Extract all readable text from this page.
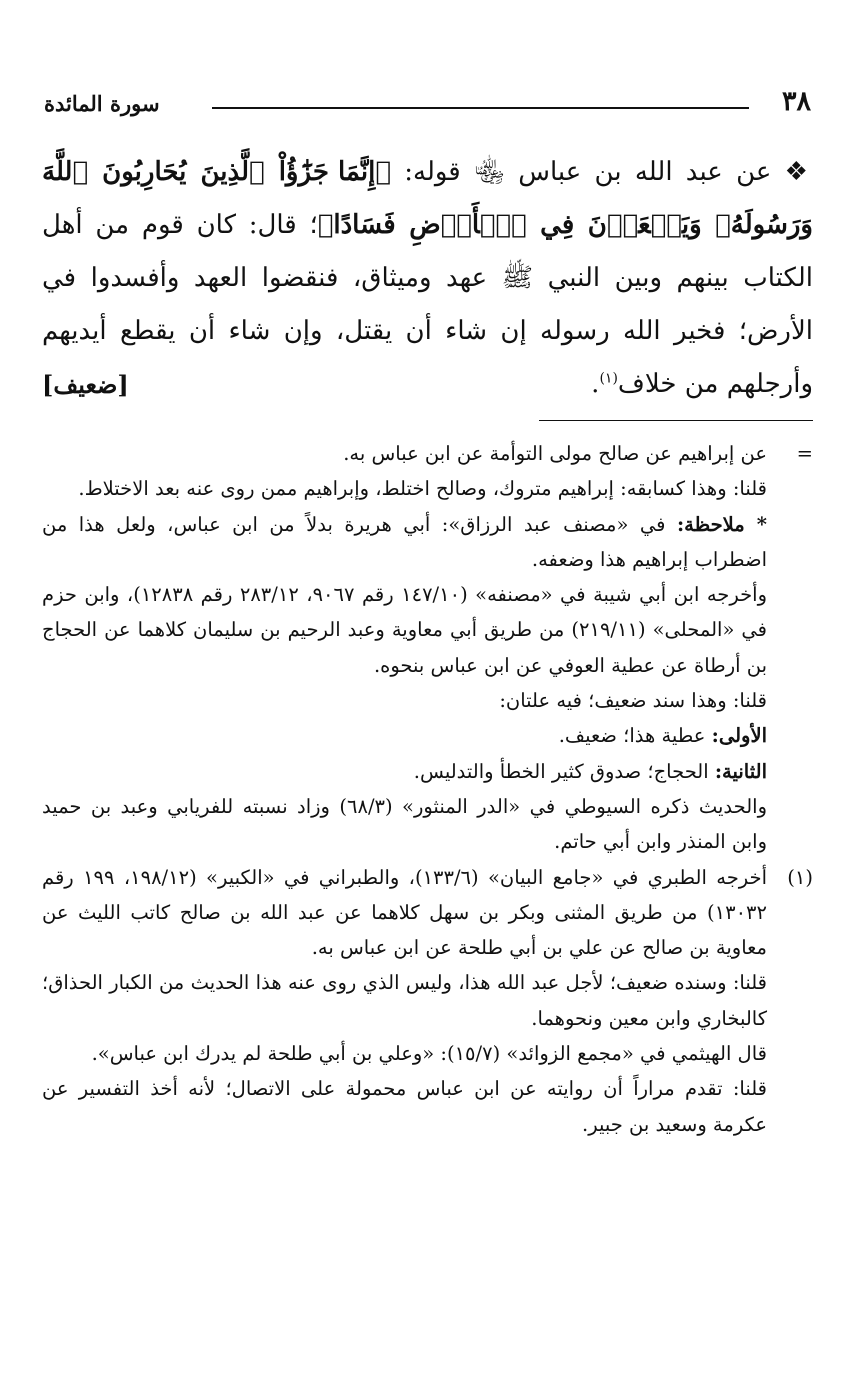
٣٨
سورة المائدة

❖ عن عبد الله بن عباس ﵄ قوله: ﴿إِنَّمَا جَزَٰٓؤُاْ ٱلَّذِينَ يُحَارِبُونَ ٱللَّهَ وَرَسُولَهُۥ وَيَسۡعَوۡنَ فِي ٱلۡأَرۡضِ فَسَادًا﴾؛ قال: كان قوم من أهل الكتاب بينهم وبين النبي ﷺ عهد وميثاق، فنقضوا العهد وأفسدوا في الأرض؛ فخير الله رسوله إن شاء أن يقتل، وإن شاء أن يقطع أيديهم وأرجلهم من خلاف$^{(١)}$.
[ضعيف]

=

عن إبراهيم عن صالح مولى التوأمة عن ابن عباس به.

قلنا: وهذا كسابقه: إبراهيم متروك، وصالح اختلط، وإبراهيم ممن روى عنه بعد الاختلاط.

* ملاحظة: في «مصنف عبد الرزاق»: أبي هريرة بدلاً من ابن عباس، ولعل هذا من اضطراب إبراهيم هذا وضعفه.

وأخرجه ابن أبي شيبة في «مصنفه» (١٤٧/١٠ رقم ٩٠٦٧، ٢٨٣/١٢ رقم ١٢٨٣٨)، وابن حزم في «المحلى» (٢١٩/١١) من طريق أبي معاوية وعبد الرحيم بن سليمان كلاهما عن الحجاج بن أرطاة عن عطية العوفي عن ابن عباس بنحوه.

قلنا: وهذا سند ضعيف؛ فيه علتان:

الأولى: عطية هذا؛ ضعيف.

الثانية: الحجاج؛ صدوق كثير الخطأ والتدليس.

والحديث ذكره السيوطي في «الدر المنثور» (٦٨/٣) وزاد نسبته للفريابي وعبد بن حميد وابن المنذر وابن أبي حاتم.

(١)

أخرجه الطبري في «جامع البيان» (١٣٣/٦)، والطبراني في «الكبير» (١٩٨/١٢، ١٩٩ رقم ١٣٠٣٢) من طريق المثنى وبكر بن سهل كلاهما عن عبد الله بن صالح كاتب الليث عن معاوية بن صالح عن علي بن أبي طلحة عن ابن عباس به.

قلنا: وسنده ضعيف؛ لأجل عبد الله هذا، وليس الذي روى عنه هذا الحديث من الكبار الحذاق؛ كالبخاري وابن معين ونحوهما.

قال الهيثمي في «مجمع الزوائد» (١٥/٧): «وعلي بن أبي طلحة لم يدرك ابن عباس».

قلنا: تقدم مراراً أن روايته عن ابن عباس محمولة على الاتصال؛ لأنه أخذ التفسير عن عكرمة وسعيد بن جبير.
